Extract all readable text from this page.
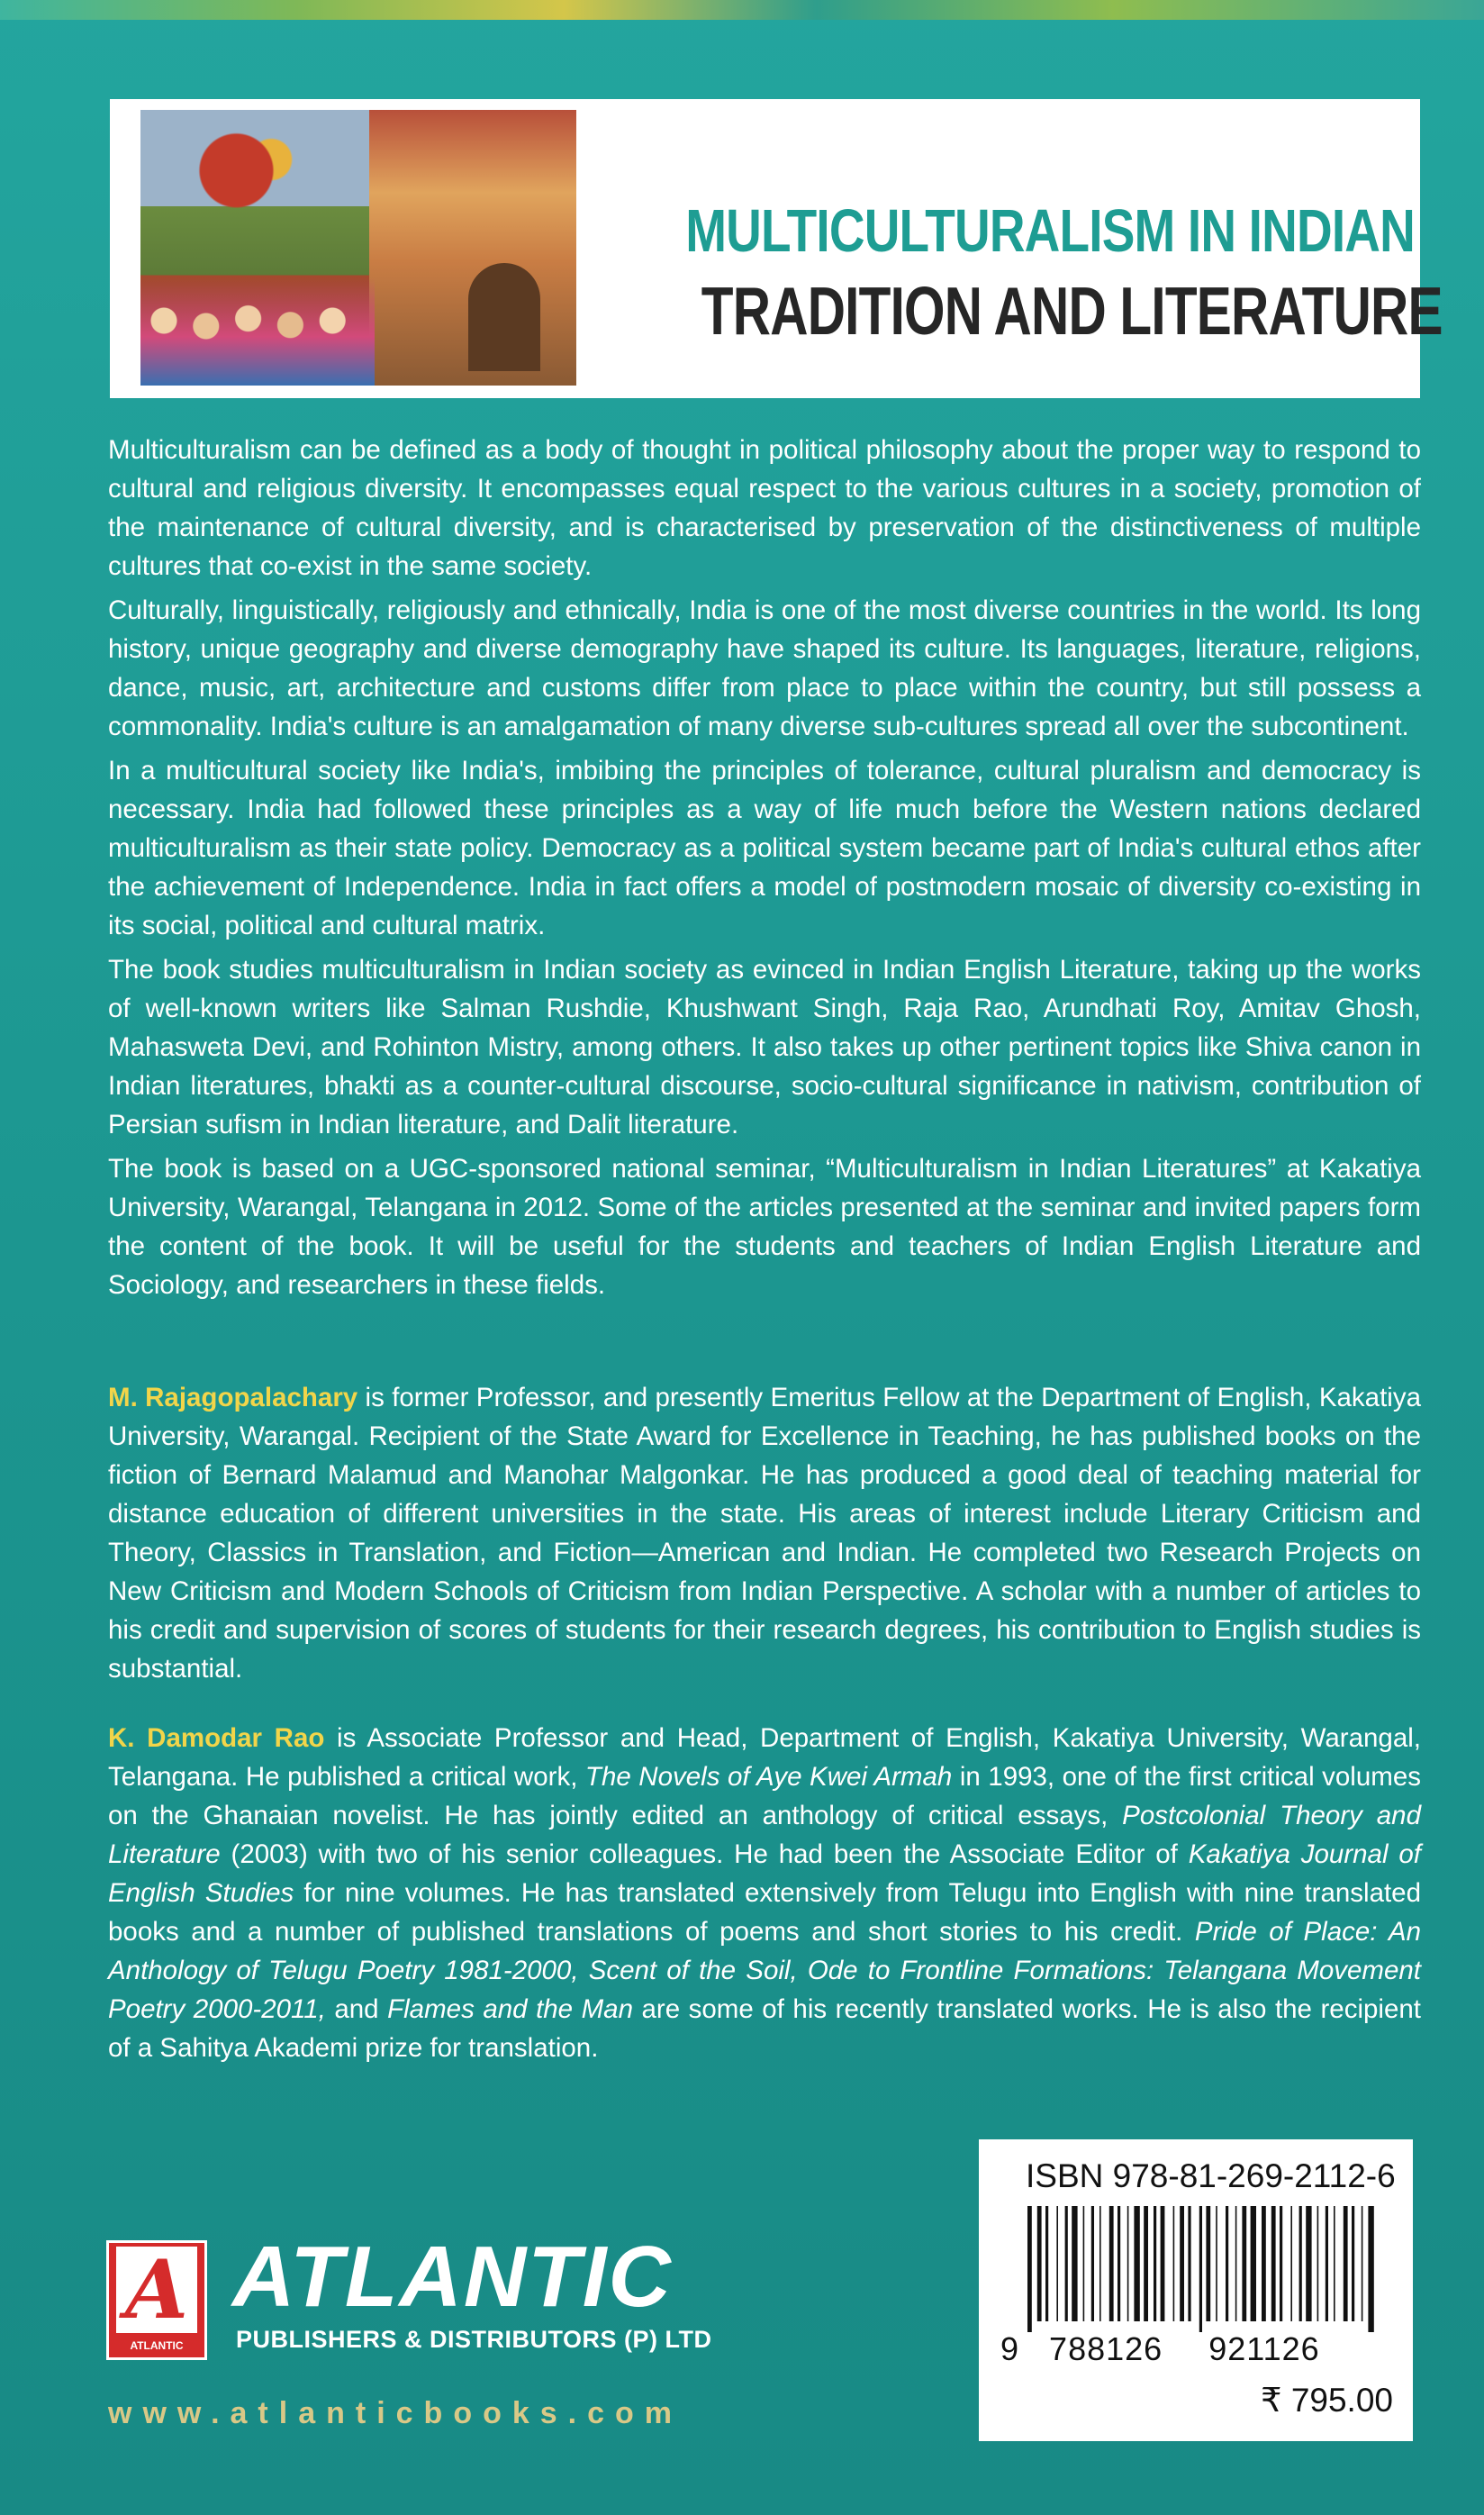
MULTICULTURALISM IN INDIAN
TRADITION AND LITERATURE

Multiculturalism can be defined as a body of thought in political philosophy about the proper way to respond to cultural and religious diversity. It encompasses equal respect to the various cultures in a society, promotion of the maintenance of cultural diversity, and is characterised by preservation of the distinctiveness of multiple cultures that co-exist in the same society.

Culturally, linguistically, religiously and ethnically, India is one of the most diverse countries in the world. Its long history, unique geography and diverse demography have shaped its culture. Its languages, literature, religions, dance, music, art, architecture and customs differ from place to place within the country, but still possess a commonality. India's culture is an amalgamation of many diverse sub-cultures spread all over the subcontinent.

In a multicultural society like India's, imbibing the principles of tolerance, cultural pluralism and democracy is necessary. India had followed these principles as a way of life much before the Western nations declared multiculturalism as their state policy. Democracy as a political system became part of India's cultural ethos after the achievement of Independence. India in fact offers a model of postmodern mosaic of diversity co-existing in its social, political and cultural matrix.

The book studies multiculturalism in Indian society as evinced in Indian English Literature, taking up the works of well-known writers like Salman Rushdie, Khushwant Singh, Raja Rao, Arundhati Roy, Amitav Ghosh, Mahasweta Devi, and Rohinton Mistry, among others. It also takes up other pertinent topics like Shiva canon in Indian literatures, bhakti as a counter-cultural discourse, socio-cultural significance in nativism, contribution of Persian sufism in Indian literature, and Dalit literature.

The book is based on a UGC-sponsored national seminar, “Multiculturalism in Indian Literatures” at Kakatiya University, Warangal, Telangana in 2012. Some of the articles presented at the seminar and invited papers form the content of the book. It will be useful for the students and teachers of Indian English Literature and Sociology, and researchers in these fields.

M. Rajagopalachary is former Professor, and presently Emeritus Fellow at the Department of English, Kakatiya University, Warangal. Recipient of the State Award for Excellence in Teaching, he has published books on the fiction of Bernard Malamud and Manohar Malgonkar. He has produced a good deal of teaching material for distance education of different universities in the state. His areas of interest include Literary Criticism and Theory, Classics in Translation, and Fiction—American and Indian. He completed two Research Projects on New Criticism and Modern Schools of Criticism from Indian Perspective. A scholar with a number of articles to his credit and supervision of scores of students for their research degrees, his contribution to English studies is substantial.

K. Damodar Rao is Associate Professor and Head, Department of English, Kakatiya University, Warangal, Telangana. He published a critical work, The Novels of Aye Kwei Armah in 1993, one of the first critical volumes on the Ghanaian novelist. He has jointly edited an anthology of critical essays, Postcolonial Theory and Literature (2003) with two of his senior colleagues. He had been the Associate Editor of Kakatiya Journal of English Studies for nine volumes. He has translated extensively from Telugu into English with nine translated books and a number of published translations of poems and short stories to his credit. Pride of Place: An Anthology of Telugu Poetry 1981-2000, Scent of the Soil, Ode to Frontline Formations: Telangana Movement Poetry 2000-2011, and Flames and the Man are some of his recently translated works. He is also the recipient of a Sahitya Akademi prize for translation.

A
ATLANTIC
ATLANTIC
PUBLISHERS & DISTRIBUTORS (P) LTD
www.atlanticbooks.com
ISBN 978-81-269-2112-6
9 788126 921126
₹ 795.00
